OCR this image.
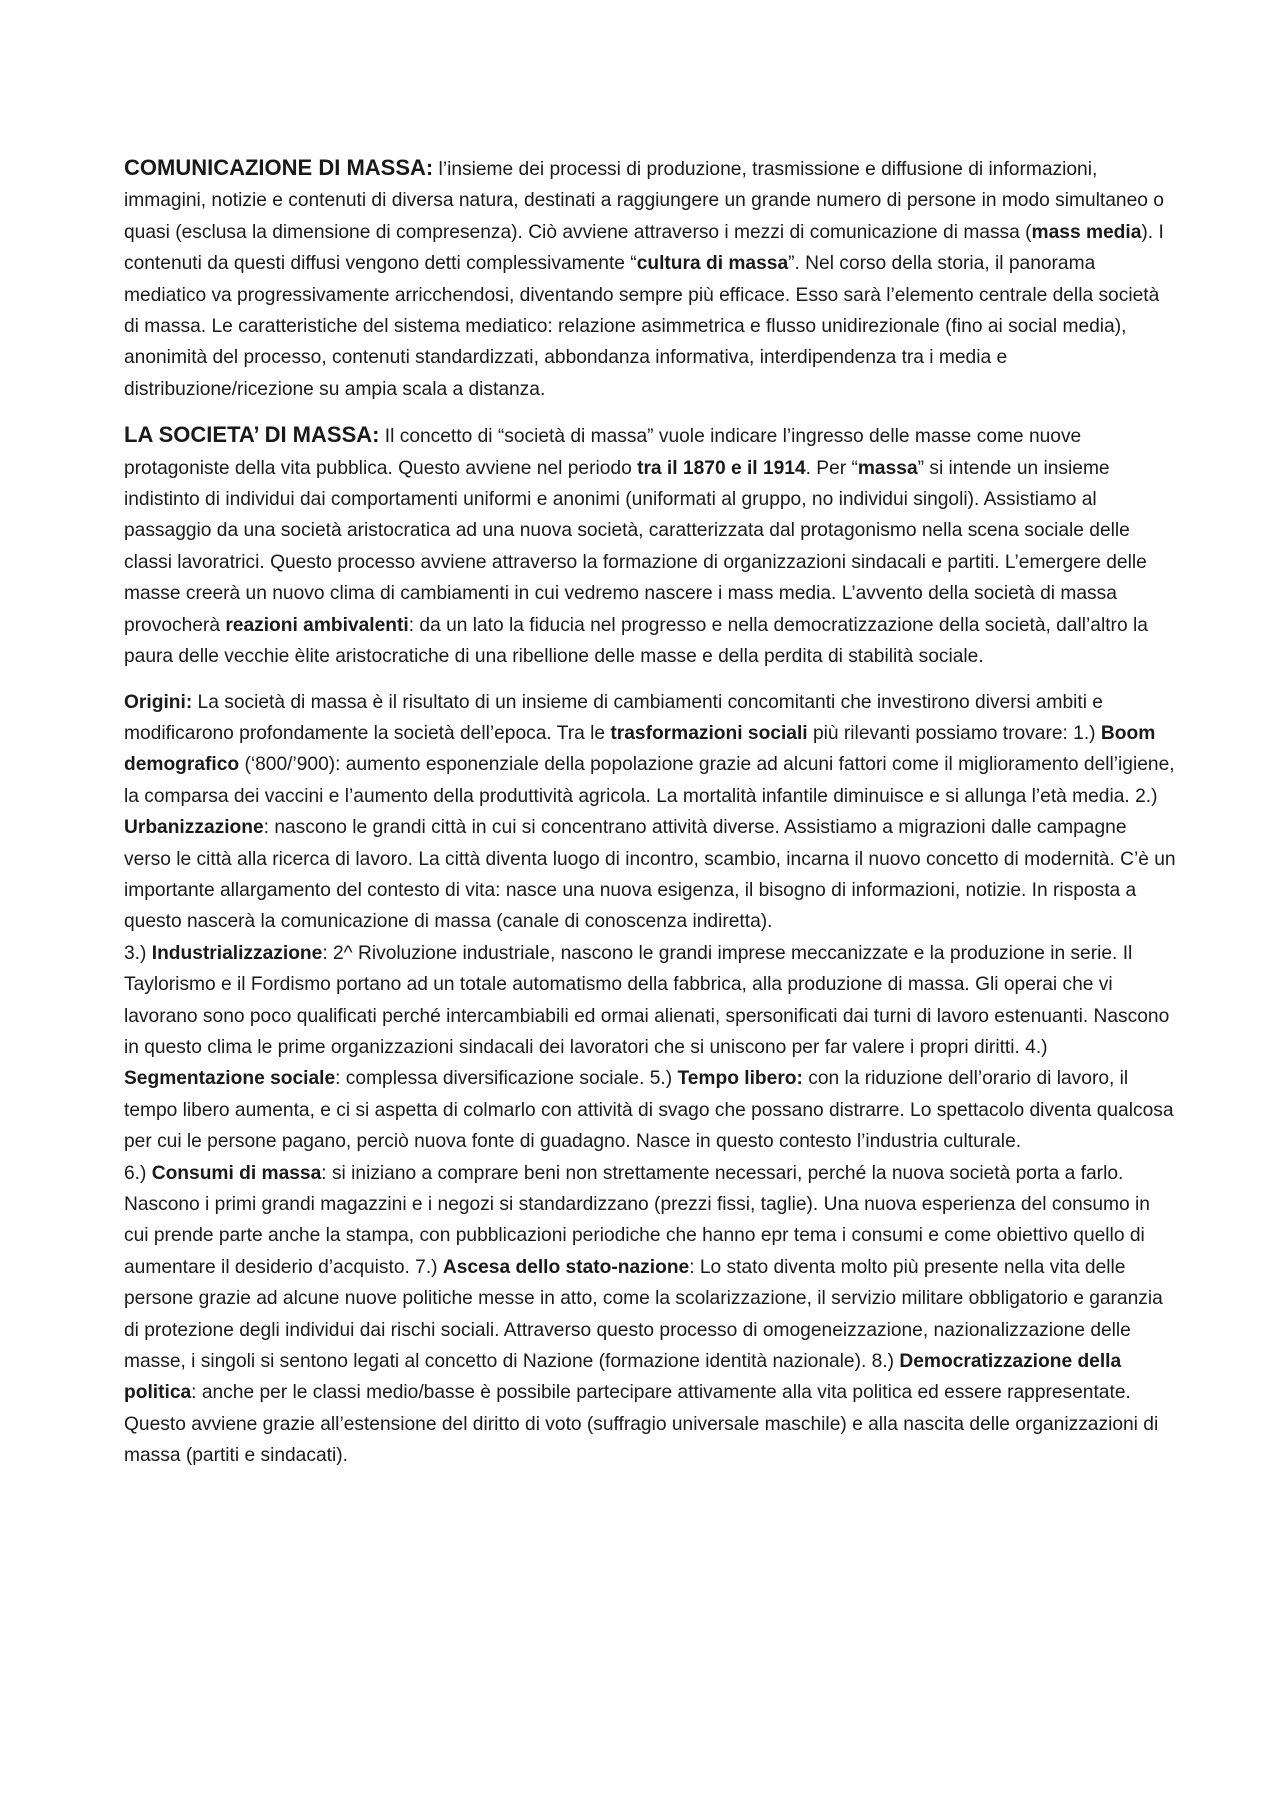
COMUNICAZIONE DI MASSA: l’insieme dei processi di produzione, trasmissione e diffusione di informazioni, immagini, notizie e contenuti di diversa natura, destinati a raggiungere un grande numero di persone in modo simultaneo o quasi (esclusa la dimensione di compresenza). Ciò avviene attraverso i mezzi di comunicazione di massa (mass media). I contenuti da questi diffusi vengono detti complessivamente “cultura di massa”. Nel corso della storia, il panorama mediatico va progressivamente arricchendosi, diventando sempre più efficace. Esso sarà l’elemento centrale della società di massa. Le caratteristiche del sistema mediatico: relazione asimmetrica e flusso unidirezionale (fino ai social media), anonimità del processo, contenuti standardizzati, abbondanza informativa, interdipendenza tra i media e distribuzione/ricezione su ampia scala a distanza.

LA SOCIETA’ DI MASSA: Il concetto di “società di massa” vuole indicare l’ingresso delle masse come nuove protagoniste della vita pubblica. Questo avviene nel periodo tra il 1870 e il 1914. Per “massa” si intende un insieme indistinto di individui dai comportamenti uniformi e anonimi (uniformati al gruppo, no individui singoli). Assistiamo al passaggio da una società aristocratica ad una nuova società, caratterizzata dal protagonismo nella scena sociale delle classi lavoratrici. Questo processo avviene attraverso la formazione di organizzazioni sindacali e partiti. L’emergere delle masse creerà un nuovo clima di cambiamenti in cui vedremo nascere i mass media. L’avvento della società di massa provocherà reazioni ambivalenti: da un lato la fiducia nel progresso e nella democratizzazione della società, dall’altro la paura delle vecchie èlite aristocratiche di una ribellione delle masse e della perdita di stabilità sociale.

Origini: La società di massa è il risultato di un insieme di cambiamenti concomitanti che investirono diversi ambiti e modificarono profondamente la società dell’epoca. Tra le trasformazioni sociali più rilevanti possiamo trovare: 1.) Boom demografico (‘800/’900): aumento esponenziale della popolazione grazie ad alcuni fattori come il miglioramento dell’igiene, la comparsa dei vaccini e l’aumento della produttività agricola. La mortalità infantile diminuisce e si allunga l’età media. 2.) Urbanizzazione: nascono le grandi città in cui si concentrano attività diverse. Assistiamo a migrazioni dalle campagne verso le città alla ricerca di lavoro. La città diventa luogo di incontro, scambio, incarna il nuovo concetto di modernità. C’è un importante allargamento del contesto di vita: nasce una nuova esigenza, il bisogno di informazioni, notizie. In risposta a questo nascerà la comunicazione di massa (canale di conoscenza indiretta).
3.) Industrializzazione: 2^ Rivoluzione industriale, nascono le grandi imprese meccanizzate e la produzione in serie. Il Taylorismo e il Fordismo portano ad un totale automatismo della fabbrica, alla produzione di massa. Gli operai che vi lavorano sono poco qualificati perché intercambiabili ed ormai alienati, spersonificati dai turni di lavoro estenuanti. Nascono in questo clima le prime organizzazioni sindacali dei lavoratori che si uniscono per far valere i propri diritti. 4.) Segmentazione sociale: complessa diversificazione sociale. 5.) Tempo libero: con la riduzione dell’orario di lavoro, il tempo libero aumenta, e ci si aspetta di colmarlo con attività di svago che possano distrarre. Lo spettacolo diventa qualcosa per cui le persone pagano, perciò nuova fonte di guadagno. Nasce in questo contesto l’industria culturale.
6.) Consumi di massa: si iniziano a comprare beni non strettamente necessari, perché la nuova società porta a farlo. Nascono i primi grandi magazzini e i negozi si standardizzano (prezzi fissi, taglie). Una nuova esperienza del consumo in cui prende parte anche la stampa, con pubblicazioni periodiche che hanno epr tema i consumi e come obiettivo quello di aumentare il desiderio d’acquisto. 7.) Ascesa dello stato-nazione: Lo stato diventa molto più presente nella vita delle persone grazie ad alcune nuove politiche messe in atto, come la scolarizzazione, il servizio militare obbligatorio e garanzia di protezione degli individui dai rischi sociali. Attraverso questo processo di omogeneizzazione, nazionalizzazione delle masse, i singoli si sentono legati al concetto di Nazione (formazione identità nazionale). 8.) Democratizzazione della politica: anche per le classi medio/basse è possibile partecipare attivamente alla vita politica ed essere rappresentate. Questo avviene grazie all’estensione del diritto di voto (suffragio universale maschile) e alla nascita delle organizzazioni di massa (partiti e sindacati).
